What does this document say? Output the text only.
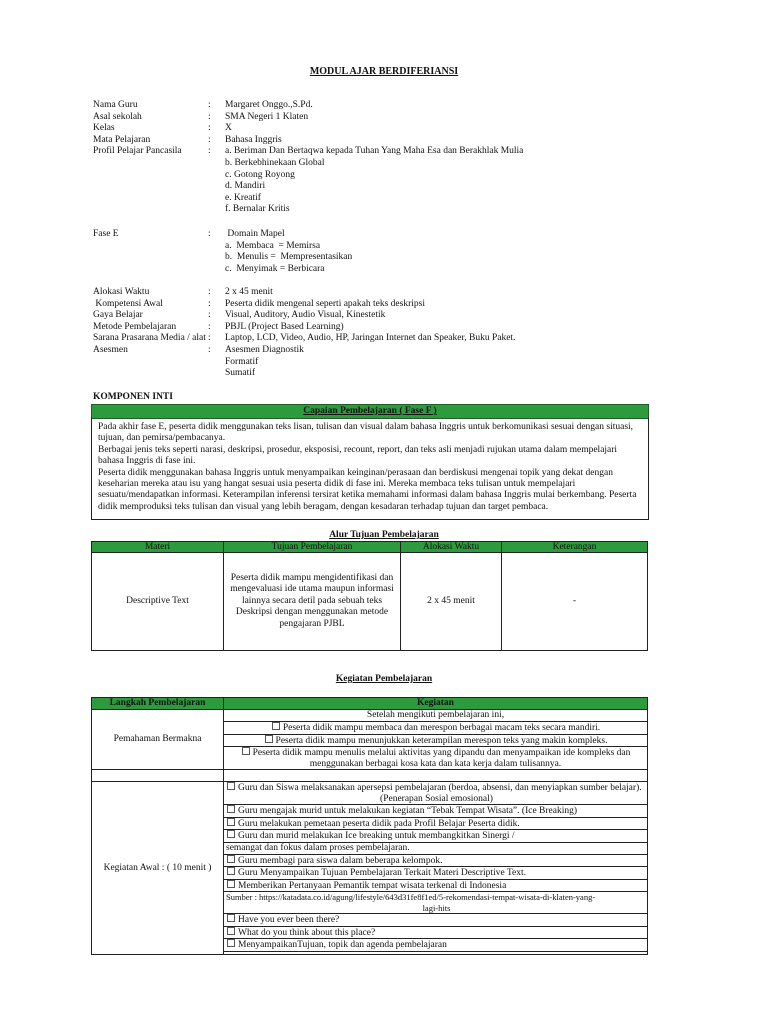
MODUL AJAR BERDIFERIANSI
Nama Guru	:	Margaret Onggo.,S.Pd.
Asal sekolah	:	SMA Negeri 1 Klaten
Kelas	:	X
Mata Pelajaran	:	Bahasa Inggris
Profil Pelajar Pancasila	:	a. Beriman Dan Bertaqwa kepada Tuhan Yang Maha Esa dan Berakhlak Mulia
b. Berkebhinekaan Global
c. Gotong Royong
d. Mandiri
e. Kreatif
f. Bernalar Kritis
Fase E	:	Domain Mapel
a.  Membaca  = Memirsa
b.  Menulis =  Mempresentasikan
c.  Menyimak = Berbicara
Alokasi Waktu	:	2 x 45 menit
Kompetensi Awal	:	Peserta didik mengenal seperti apakah teks deskripsi
Gaya Belajar	:	Visual, Auditory, Audio Visual, Kinestetik
Metode Pembelajaran	:	PBJL (Project Based Learning)
Sarana Prasarana Media / alat :	Laptop, LCD, Video, Audio, HP, Jaringan Internet dan Speaker, Buku Paket.
Asesmen	:	Asesmen Diagnostik
Formatif
Sumatif
KOMPONEN INTI
Capaian Pembelajaran ( Fase F )
Pada akhir fase E, peserta didik menggunakan teks lisan, tulisan dan visual dalam bahasa Inggris untuk berkomunikasi sesuai dengan situasi,
tujuan, dan pemirsa/pembacanya.
Berbagai jenis teks seperti narasi, deskripsi, prosedur, eksposisi, recount, report, dan teks asli menjadi rujukan utama dalam mempelajari
bahasa Inggris di fase ini.
Peserta didik menggunakan bahasa Inggris untuk menyampaikan keinginan/perasaan dan berdiskusi mengenai topik yang dekat dengan
keseharian mereka atau isu yang hangat sesuai usia peserta didik di fase ini. Mereka membaca teks tulisan untuk mempelajari
sesuatu/mendapatkan informasi. Keterampilan inferensi tersirat ketika memahami informasi dalam bahasa Inggris mulai berkembang. Peserta
didik memproduksi teks tulisan dan visual yang lebih beragam, dengan kesadaran terhadap tujuan dan target pembaca.
Alur Tujuan Pembelajaran
Materi	Tujuan Pembelajaran	Alokasi Waktu	Keterangan
Descriptive Text	Peserta didik mampu mengidentifikasi dan
mengevaluasi ide utama maupun informasi
lainnya secara detil pada sebuah teks
Deskripsi dengan menggunakan metode
pengajaran PJBL	2 x 45 menit	-
Kegiatan Pembelajaran
Langkah Pembelajaran	Kegiatan
Pemahaman Bermakna	Setelah mengikuti pembelajaran ini,
	Peserta didik mampu membaca dan merespon berbagai macam teks secara mandiri.
	Peserta didik mampu menunjukkan keterampilan merespon teks yang makin kompleks.

	Peserta didik mampu menulis melalui aktivitas yang dipandu dan menyampaikan ide kompleks dan
menggunakan berbagai kosa kata dan kata kerja dalam tulisannya.

Kegiatan Awal : ( 10 menit )	Guru dan Siswa melaksanakan apersepsi pembelajaran (berdoa, absensi, dan menyiapkan sumber belajar).
(Penerapan Sosial emosional)

	Guru mengajak murid untuk melakukan kegiatan “Tebak Tempat Wisata”. (Ice Breaking)
	Guru melakukan pemetaan peserta didik pada Profil Belajar Peserta didik.
	Guru dan murid melakukan Ice breaking untuk membangkitkan Sinergi /
	semangat dan fokus dalam proses pembelajaran.
	Guru membagi para siswa dalam beberapa kelompok.
	Guru Menyampaikan Tujuan Pembelajaran Terkait Materi Descriptive Text.
	Memberikan Pertanyaan Pemantik tempat wisata terkenal di Indonesia

	Sumber : https://katadata.co.id/agung/lifestyle/643d31fe8f1ed/5-rekomendasi-tempat-wisata-di-klaten-yang-
lagi-hits

	Have you ever been there?
	What do you think about this place?
	MenyampaikanTujuan, topik dan agenda pembelajaran
